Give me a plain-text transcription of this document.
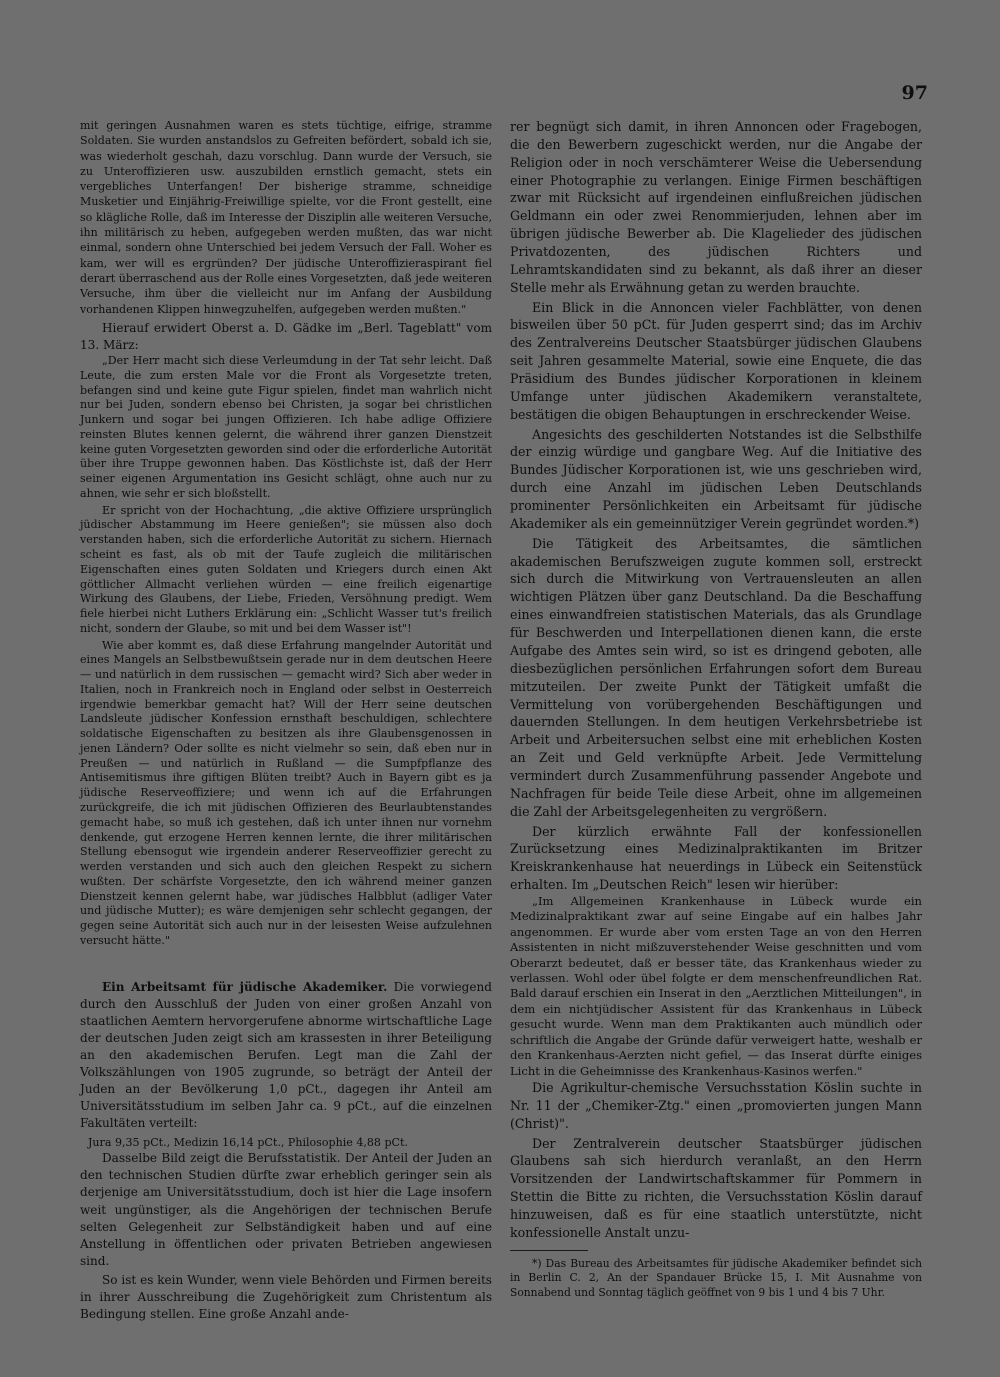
97

mit geringen Ausnahmen waren es stets tüchtige, eifrige, stramme Soldaten. Sie wurden anstandslos zu Gefreiten befördert, sobald ich sie, was wiederholt geschah, dazu vorschlug. Dann wurde der Versuch, sie zu Unteroffizieren usw. auszubilden ernstlich gemacht, stets ein vergebliches Unterfangen! Der bisherige stramme, schneidige Musketier und Einjährig-Freiwillige spielte, vor die Front gestellt, eine so klägliche Rolle, daß im Interesse der Disziplin alle weiteren Versuche, ihn militärisch zu heben, aufgegeben werden mußten, das war nicht einmal, sondern ohne Unterschied bei jedem Versuch der Fall. Woher es kam, wer will es ergründen? Der jüdische Unteroffizieraspirant fiel derart überraschend aus der Rolle eines Vorgesetzten, daß jede weiteren Versuche, ihm über die vielleicht nur im Anfang der Ausbildung vorhandenen Klippen hinwegzuhelfen, aufgegeben werden mußten."

Hierauf erwidert Oberst a. D. Gädke im „Berl. Tageblatt" vom 13. März:

„Der Herr macht sich diese Verleumdung in der Tat sehr leicht. Daß Leute, die zum ersten Male vor die Front als Vorgesetzte treten, befangen sind und keine gute Figur spielen, findet man wahrlich nicht nur bei Juden, sondern ebenso bei Christen, ja sogar bei christlichen Junkern und sogar bei jungen Offizieren. Ich habe adlige Offiziere reinsten Blutes kennen gelernt, die während ihrer ganzen Dienstzeit keine guten Vorgesetzten geworden sind oder die erforderliche Autorität über ihre Truppe gewonnen haben. Das Köstlichste ist, daß der Herr seiner eigenen Argumentation ins Gesicht schlägt, ohne auch nur zu ahnen, wie sehr er sich bloßstellt.

Er spricht von der Hochachtung, „die aktive Offiziere ursprünglich jüdischer Abstammung im Heere genießen"; sie müssen also doch verstanden haben, sich die erforderliche Autorität zu sichern. Hiernach scheint es fast, als ob mit der Taufe zugleich die militärischen Eigenschaften eines guten Soldaten und Kriegers durch einen Akt göttlicher Allmacht verliehen würden — eine freilich eigenartige Wirkung des Glaubens, der Liebe, Frieden, Versöhnung predigt. Wem fiele hierbei nicht Luthers Erklärung ein: „Schlicht Wasser tut's freilich nicht, sondern der Glaube, so mit und bei dem Wasser ist"!

Wie aber kommt es, daß diese Erfahrung mangelnder Autorität und eines Mangels an Selbstbewußtsein gerade nur in dem deutschen Heere — und natürlich in dem russischen — gemacht wird? Sich aber weder in Italien, noch in Frankreich noch in England oder selbst in Oesterreich irgendwie bemerkbar gemacht hat? Will der Herr seine deutschen Landsleute jüdischer Konfession ernsthaft beschuldigen, schlechtere soldatische Eigenschaften zu besitzen als ihre Glaubensgenossen in jenen Ländern? Oder sollte es nicht vielmehr so sein, daß eben nur in Preußen — und natürlich in Rußland — die Sumpfpflanze des Antisemitismus ihre giftigen Blüten treibt? Auch in Bayern gibt es ja jüdische Reserveoffiziere; und wenn ich auf die Erfahrungen zurückgreife, die ich mit jüdischen Offizieren des Beurlaubtenstandes gemacht habe, so muß ich gestehen, daß ich unter ihnen nur vornehm denkende, gut erzogene Herren kennen lernte, die ihrer militärischen Stellung ebensogut wie irgendein anderer Reserveoffizier gerecht zu werden verstanden und sich auch den gleichen Respekt zu sichern wußten. Der schärfste Vorgesetzte, den ich während meiner ganzen Dienstzeit kennen gelernt habe, war jüdisches Halbblut (adliger Vater und jüdische Mutter); es wäre demjenigen sehr schlecht gegangen, der gegen seine Autorität sich auch nur in der leisesten Weise aufzulehnen versucht hätte."

Ein Arbeitsamt für jüdische Akademiker. Die vorwiegend durch den Ausschluß der Juden von einer großen Anzahl von staatlichen Aemtern hervorgerufene abnorme wirtschaftliche Lage der deutschen Juden zeigt sich am krassesten in ihrer Beteiligung an den akademischen Berufen. Legt man die Zahl der Volkszählungen von 1905 zugrunde, so beträgt der Anteil der Juden an der Bevölkerung 1,0 pCt., dagegen ihr Anteil am Universitätsstudium im selben Jahr ca. 9 pCt., auf die einzelnen Fakultäten verteilt:

Jura 9,35 pCt., Medizin 16,14 pCt., Philosophie 4,88 pCt.

Dasselbe Bild zeigt die Berufsstatistik. Der Anteil der Juden an den technischen Studien dürfte zwar erheblich geringer sein als derjenige am Universitätsstudium, doch ist hier die Lage insofern weit ungünstiger, als die Angehörigen der technischen Berufe selten Gelegenheit zur Selbständigkeit haben und auf eine Anstellung in öffentlichen oder privaten Betrieben angewiesen sind.

So ist es kein Wunder, wenn viele Behörden und Firmen bereits in ihrer Ausschreibung die Zugehörigkeit zum Christentum als Bedingung stellen. Eine große Anzahl ande-

rer begnügt sich damit, in ihren Annoncen oder Fragebogen, die den Bewerbern zugeschickt werden, nur die Angabe der Religion oder in noch verschämterer Weise die Uebersendung einer Photographie zu verlangen. Einige Firmen beschäftigen zwar mit Rücksicht auf irgendeinen einflußreichen jüdischen Geldmann ein oder zwei Renommierjuden, lehnen aber im übrigen jüdische Bewerber ab. Die Klagelieder des jüdischen Privatdozenten, des jüdischen Richters und Lehramtskandidaten sind zu bekannt, als daß ihrer an dieser Stelle mehr als Erwähnung getan zu werden brauchte.

Ein Blick in die Annoncen vieler Fachblätter, von denen bisweilen über 50 pCt. für Juden gesperrt sind; das im Archiv des Zentralvereins Deutscher Staatsbürger jüdischen Glaubens seit Jahren gesammelte Material, sowie eine Enquete, die das Präsidium des Bundes jüdischer Korporationen in kleinem Umfange unter jüdischen Akademikern veranstaltete, bestätigen die obigen Behauptungen in erschreckender Weise.

Angesichts des geschilderten Notstandes ist die Selbsthilfe der einzig würdige und gangbare Weg. Auf die Initiative des Bundes Jüdischer Korporationen ist, wie uns geschrieben wird, durch eine Anzahl im jüdischen Leben Deutschlands prominenter Persönlichkeiten ein Arbeitsamt für jüdische Akademiker als ein gemeinnütziger Verein gegründet worden.*)

Die Tätigkeit des Arbeitsamtes, die sämtlichen akademischen Berufszweigen zugute kommen soll, erstreckt sich durch die Mitwirkung von Vertrauensleuten an allen wichtigen Plätzen über ganz Deutschland. Da die Beschaffung eines einwandfreien statistischen Materials, das als Grundlage für Beschwerden und Interpellationen dienen kann, die erste Aufgabe des Amtes sein wird, so ist es dringend geboten, alle diesbezüglichen persönlichen Erfahrungen sofort dem Bureau mitzuteilen. Der zweite Punkt der Tätigkeit umfaßt die Vermittelung von vorübergehenden Beschäftigungen und dauernden Stellungen. In dem heutigen Verkehrsbetriebe ist Arbeit und Arbeitersuchen selbst eine mit erheblichen Kosten an Zeit und Geld verknüpfte Arbeit. Jede Vermittelung vermindert durch Zusammenführung passender Angebote und Nachfragen für beide Teile diese Arbeit, ohne im allgemeinen die Zahl der Arbeitsgelegenheiten zu vergrößern.

Der kürzlich erwähnte Fall der konfessionellen Zurücksetzung eines Medizinalpraktikanten im Britzer Kreiskrankenhause hat neuerdings in Lübeck ein Seitenstück erhalten. Im „Deutschen Reich" lesen wir hierüber:

„Im Allgemeinen Krankenhause in Lübeck wurde ein Medizinalpraktikant zwar auf seine Eingabe auf ein halbes Jahr angenommen. Er wurde aber vom ersten Tage an von den Herren Assistenten in nicht mißzuverstehender Weise geschnitten und vom Oberarzt bedeutet, daß er besser täte, das Krankenhaus wieder zu verlassen. Wohl oder übel folgte er dem menschenfreundlichen Rat. Bald darauf erschien ein Inserat in den „Aerztlichen Mitteilungen", in dem ein nichtjüdischer Assistent für das Krankenhaus in Lübeck gesucht wurde. Wenn man dem Praktikanten auch mündlich oder schriftlich die Angabe der Gründe dafür verweigert hatte, weshalb er den Krankenhaus-Aerzten nicht gefiel, — das Inserat dürfte einiges Licht in die Geheimnisse des Krankenhaus-Kasinos werfen."

Die Agrikultur-chemische Versuchsstation Köslin suchte in Nr. 11 der „Chemiker-Ztg." einen „promovierten jungen Mann (Christ)".

Der Zentralverein deutscher Staatsbürger jüdischen Glaubens sah sich hierdurch veranlaßt, an den Herrn Vorsitzenden der Landwirtschaftskammer für Pommern in Stettin die Bitte zu richten, die Versuchsstation Köslin darauf hinzuweisen, daß es für eine staatlich unterstützte, nicht konfessionelle Anstalt unzu-

*) Das Bureau des Arbeitsamtes für jüdische Akademiker befindet sich in Berlin C. 2, An der Spandauer Brücke 15, I. Mit Ausnahme von Sonnabend und Sonntag täglich geöffnet von 9 bis 1 und 4 bis 7 Uhr.
